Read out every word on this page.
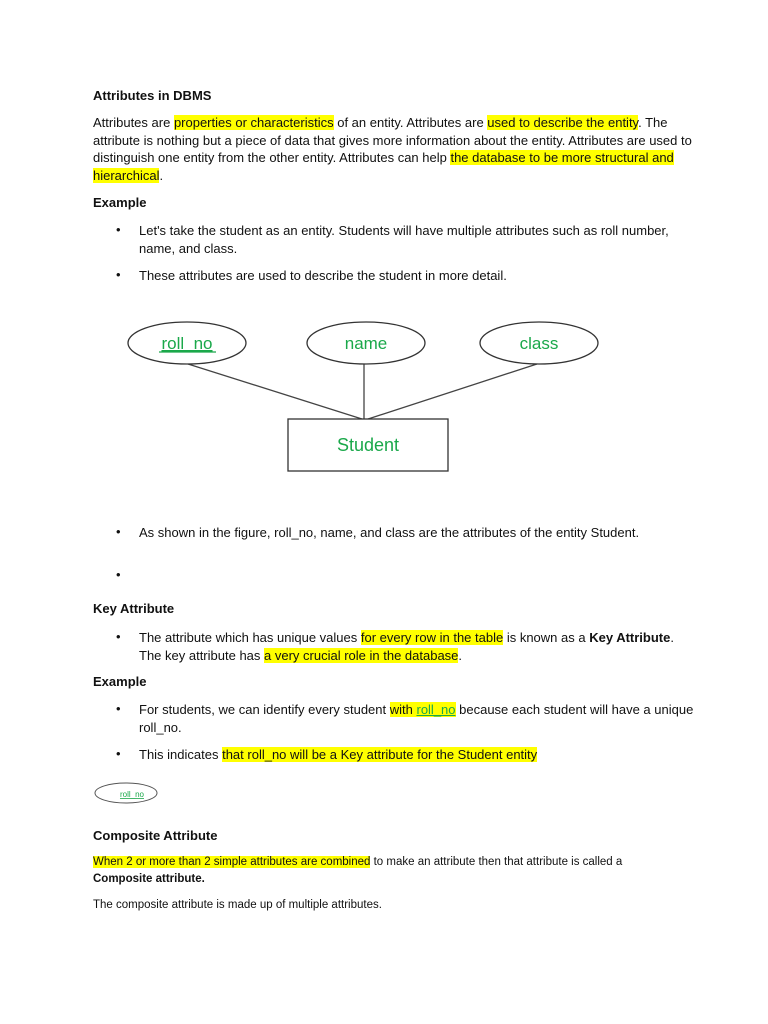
Attributes in DBMS
Attributes are properties or characteristics of an entity. Attributes are used to describe the entity. The attribute is nothing but a piece of data that gives more information about the entity. Attributes are used to distinguish one entity from the other entity. Attributes can help the database to be more structural and hierarchical.
Example
• Let's take the student as an entity. Students will have multiple attributes such as roll number, name, and class.
• These attributes are used to describe the student in more detail.
roll_no	name	class
Student
roll_no
• As shown in the figure, roll_no, name, and class are the attributes of the entity Student.
•
Key Attribute
• The attribute which has unique values for every row in the table is known as a Key Attribute. The key attribute has a very crucial role in the database.
Example
• For students, we can identify every student with roll_no because each student will have a unique roll_no.
• This indicates that roll_no will be a Key attribute for the Student entity
Composite Attribute
When 2 or more than 2 simple attributes are combined to make an attribute then that attribute is called a Composite attribute.
The composite attribute is made up of multiple attributes.
